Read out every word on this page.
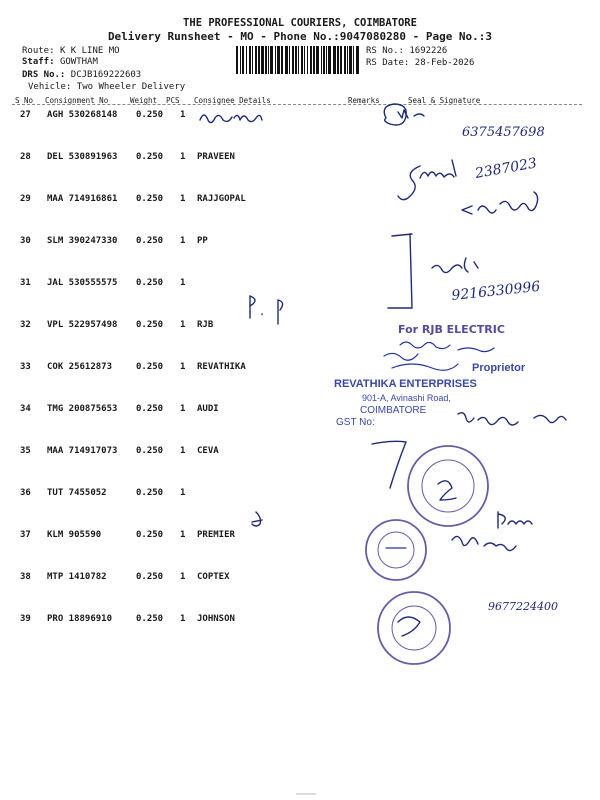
THE PROFESSIONAL COURIERS, COIMBATORE
Delivery Runsheet - MO - Phone No.:9047080280 - Page No.:3
Route: K K LINE MO
Staff: GOWTHAM
DRS No.: DCJB169222603
Vehicle: Two Wheeler Delivery
RS No.: 1692226
RS Date: 28-Feb-2026
S No Consignment No	Weight PCS Consignee Details	Remarks	Seal & Signature
27 AGH 530268148 0.250 1
28 DEL 530891963 0.250 1 PRAVEEN
29 MAA 714916861 0.250 1 RAJJGOPAL
30 SLM 390247330 0.250 1 PP
31 JAL 530555575 0.250 1
32 VPL 522957498 0.250 1 RJB
33 COK 25612873	0.250 1 REVATHIKA
34 TMG 200875653 0.250 1 AUDI
35 MAA 714917073 0.250 1 CEVA
36 TUT 7455052	0.250 1
37 KLM 905590	0.250 1 PREMIER
38 MTP 1410782	0.250 1 COPTEX
39 PRO 18896910	0.250 1 JOHNSON
6375457698
2387023
9216330996
For RJB ELECTRIC
Proprietor
REVATHIKA ENTERPRISES
901-A, Avinashi Road,
COIMBATORE
GST No:
9677224400
